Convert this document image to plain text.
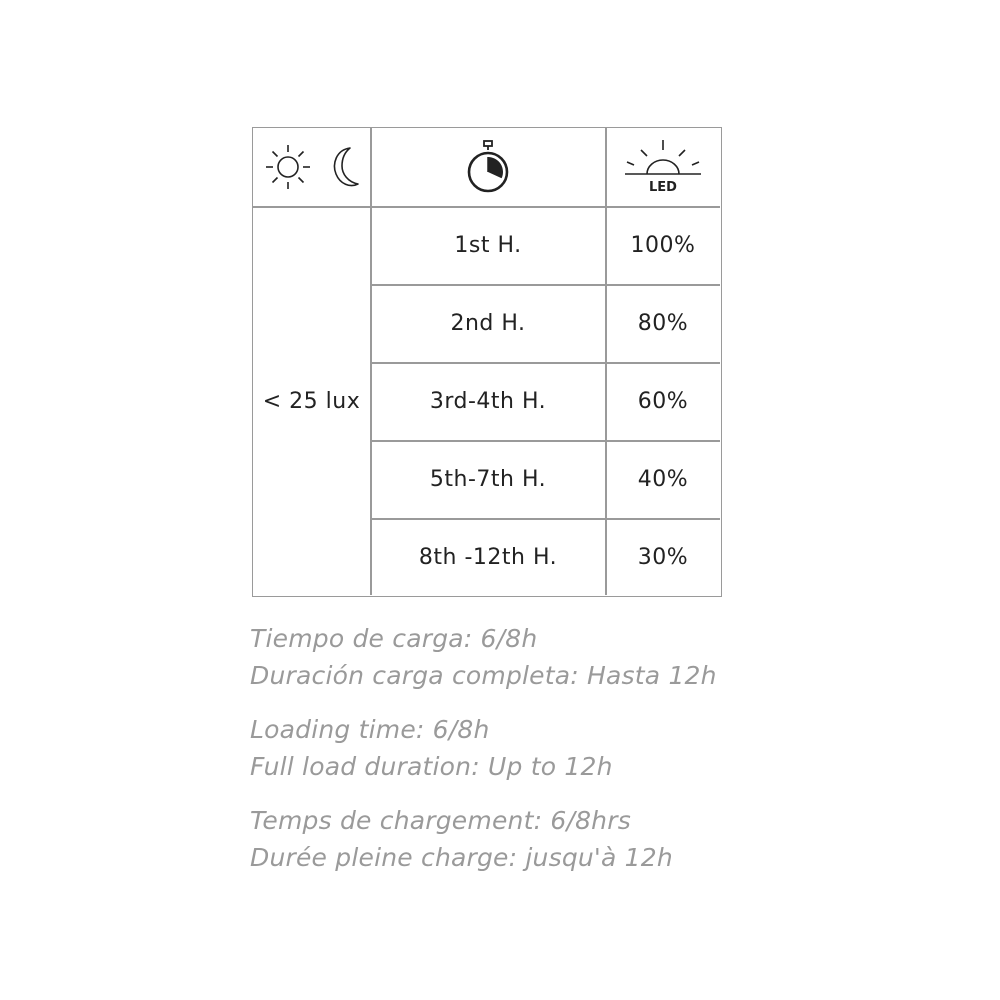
LED
< 25 lux
1st H.	100%
2nd H.	80%
3rd-4th H.	60%
5th-7th H.	40%
8th -12th H.	30%
Tiempo de carga: 6/8h
Duración carga completa: Hasta 12h
Loading time: 6/8h
Full load duration: Up to 12h
Temps de chargement: 6/8hrs
Durée pleine charge: jusqu'à 12h
